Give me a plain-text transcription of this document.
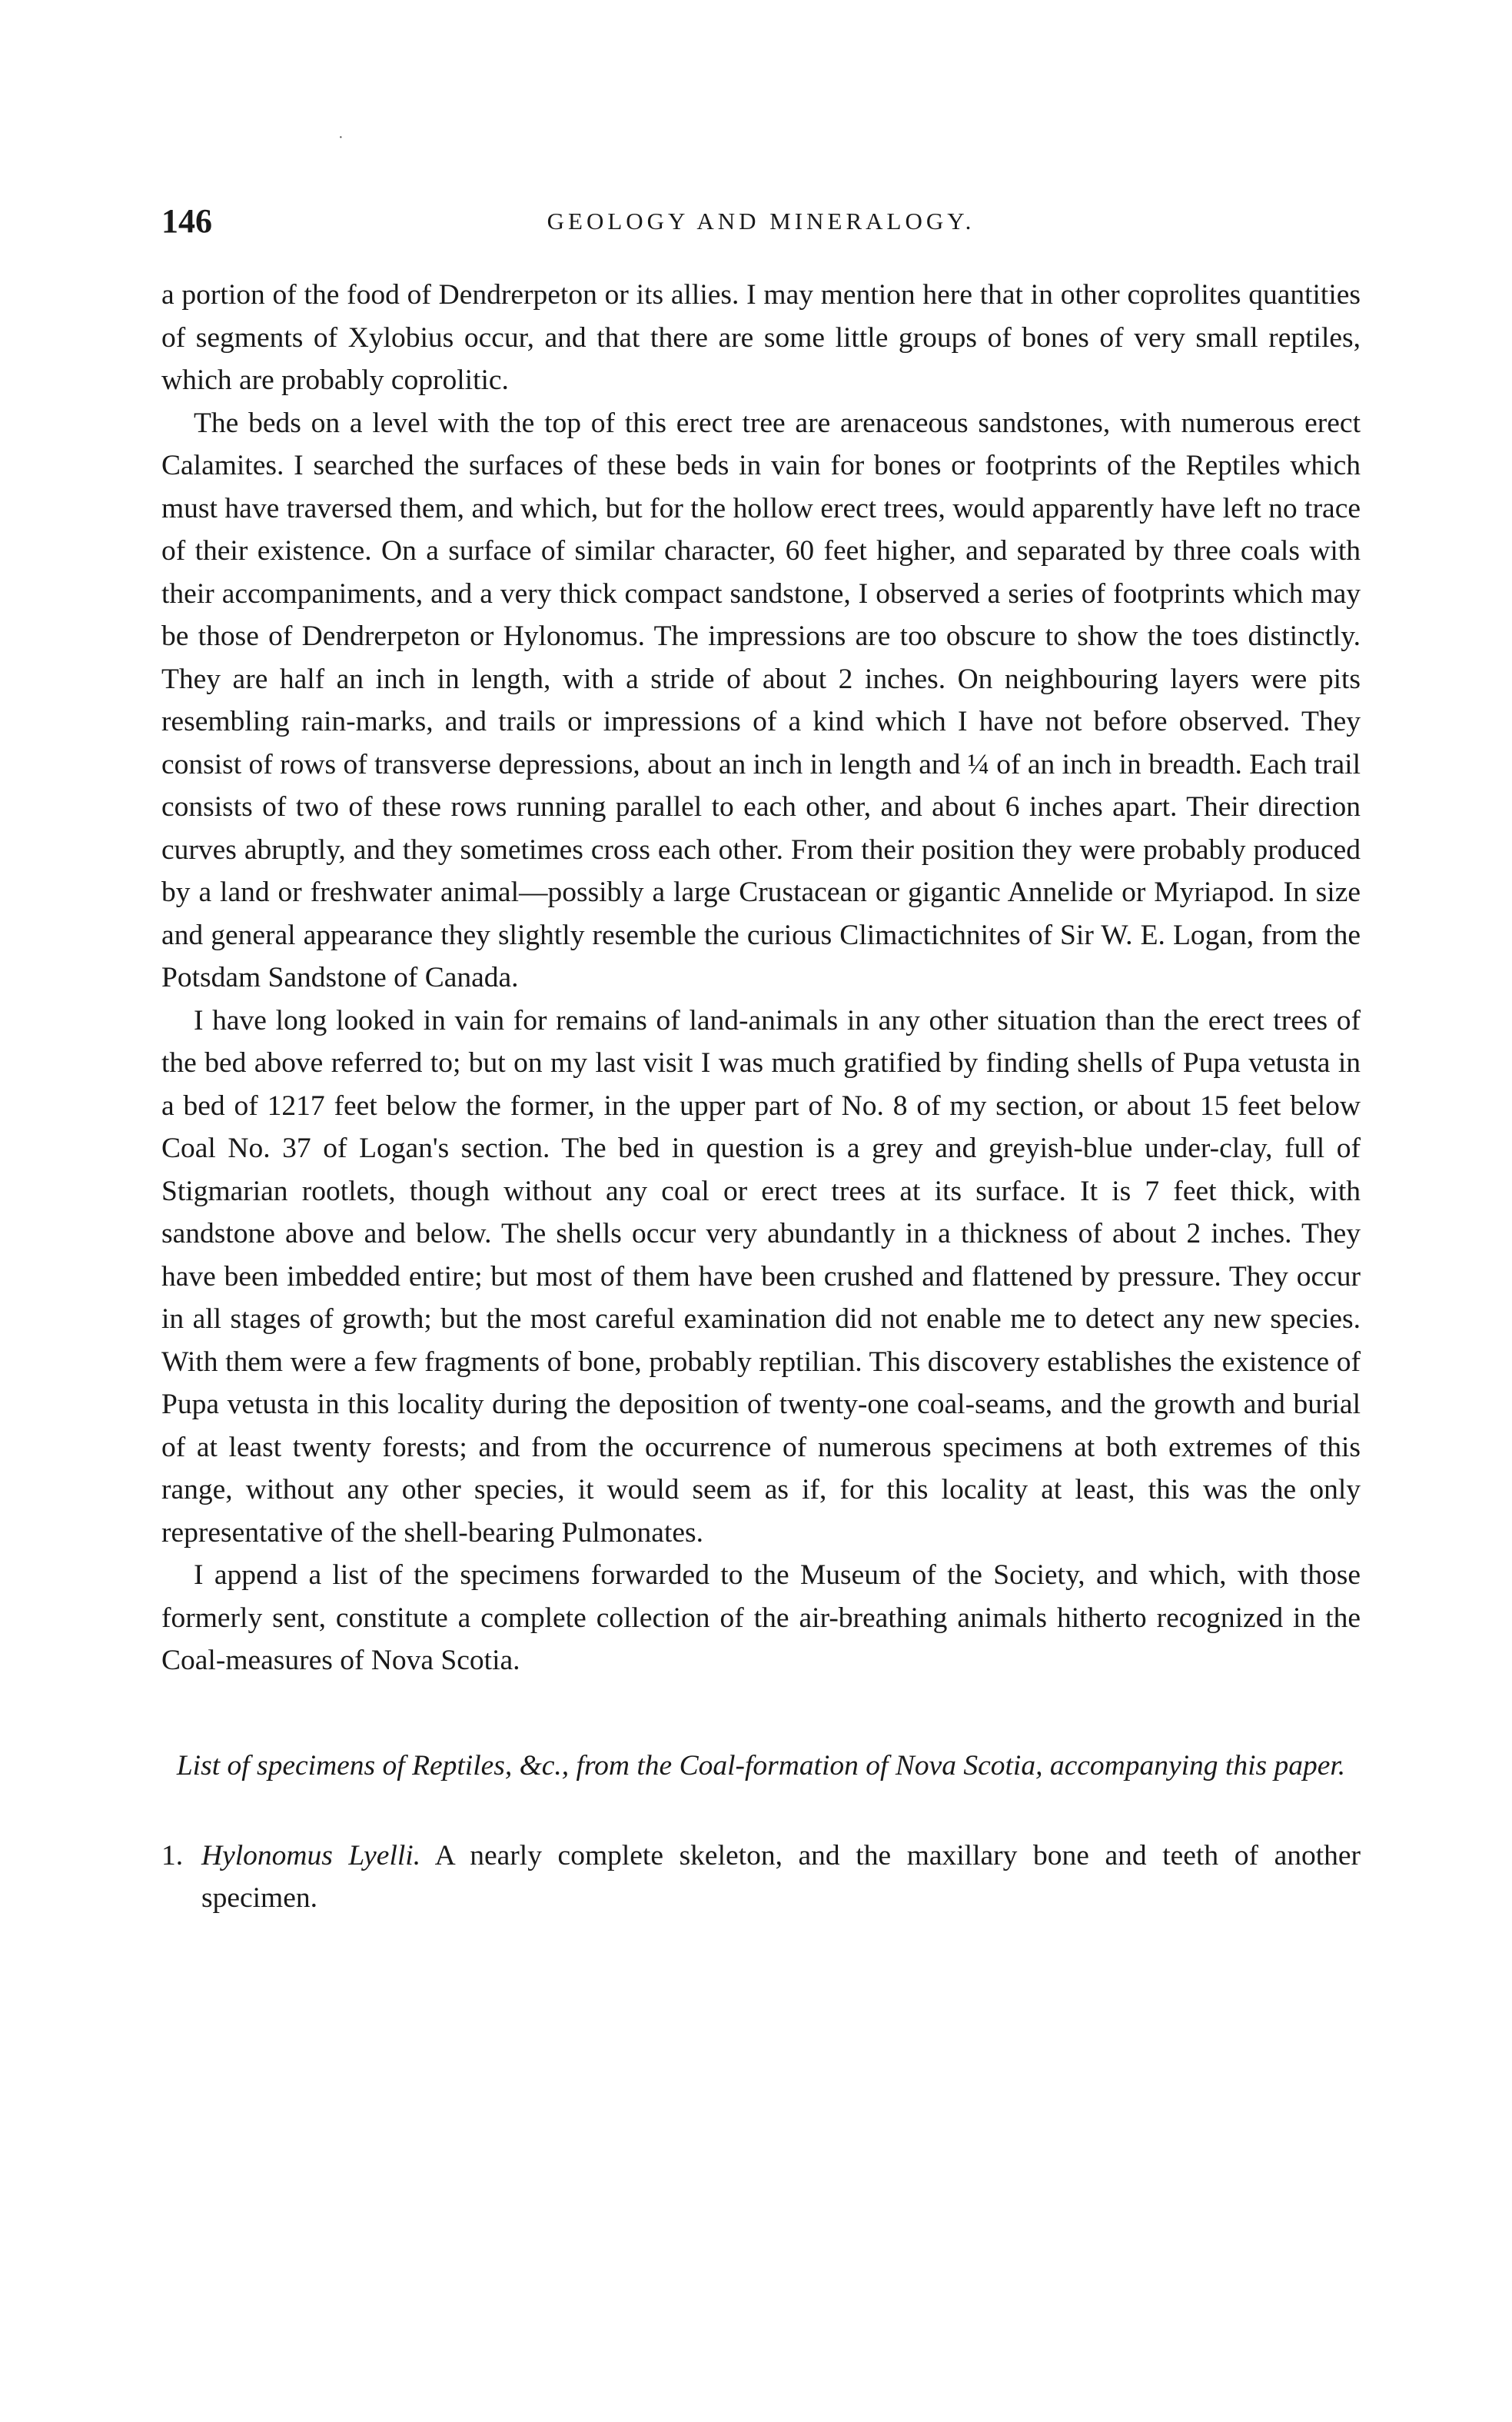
·
146	GEOLOGY AND MINERALOGY.

a portion of the food of Dendrerpeton or its allies. I may mention here that in other coprolites quantities of segments of Xylobius occur, and that there are some little groups of bones of very small reptiles, which are probably coprolitic.

The beds on a level with the top of this erect tree are arenaceous sandstones, with numerous erect Calamites. I searched the surfaces of these beds in vain for bones or footprints of the Reptiles which must have traversed them, and which, but for the hollow erect trees, would apparently have left no trace of their existence. On a surface of similar character, 60 feet higher, and separated by three coals with their accompaniments, and a very thick compact sandstone, I observed a series of footprints which may be those of Dendrerpeton or Hylonomus. The impressions are too obscure to show the toes distinctly. They are half an inch in length, with a stride of about 2 inches. On neighbouring layers were pits resembling rain-marks, and trails or impressions of a kind which I have not before observed. They consist of rows of transverse depressions, about an inch in length and ¼ of an inch in breadth. Each trail consists of two of these rows running parallel to each other, and about 6 inches apart. Their direction curves abruptly, and they sometimes cross each other. From their position they were probably produced by a land or freshwater animal—possibly a large Crustacean or gigantic Annelide or Myriapod. In size and general appearance they slightly resemble the curious Climactichnites of Sir W. E. Logan, from the Potsdam Sandstone of Canada.

I have long looked in vain for remains of land-animals in any other situation than the erect trees of the bed above referred to; but on my last visit I was much gratified by finding shells of Pupa vetusta in a bed of 1217 feet below the former, in the upper part of No. 8 of my section, or about 15 feet below Coal No. 37 of Logan's section. The bed in question is a grey and greyish-blue under-clay, full of Stigmarian rootlets, though without any coal or erect trees at its surface. It is 7 feet thick, with sandstone above and below. The shells occur very abundantly in a thickness of about 2 inches. They have been imbedded entire; but most of them have been crushed and flattened by pressure. They occur in all stages of growth; but the most careful examination did not enable me to detect any new species. With them were a few fragments of bone, probably reptilian. This discovery establishes the existence of Pupa vetusta in this locality during the deposition of twenty-one coal-seams, and the growth and burial of at least twenty forests; and from the occurrence of numerous specimens at both extremes of this range, without any other species, it would seem as if, for this locality at least, this was the only representative of the shell-bearing Pulmonates.

I append a list of the specimens forwarded to the Museum of the Society, and which, with those formerly sent, constitute a complete collection of the air-breathing animals hitherto recognized in the Coal-measures of Nova Scotia.

List of specimens of Reptiles, &c., from the Coal-formation of Nova Scotia, accompanying this paper.
1. Hylonomus Lyelli. A nearly complete skeleton, and the maxillary bone and teeth of another specimen.
